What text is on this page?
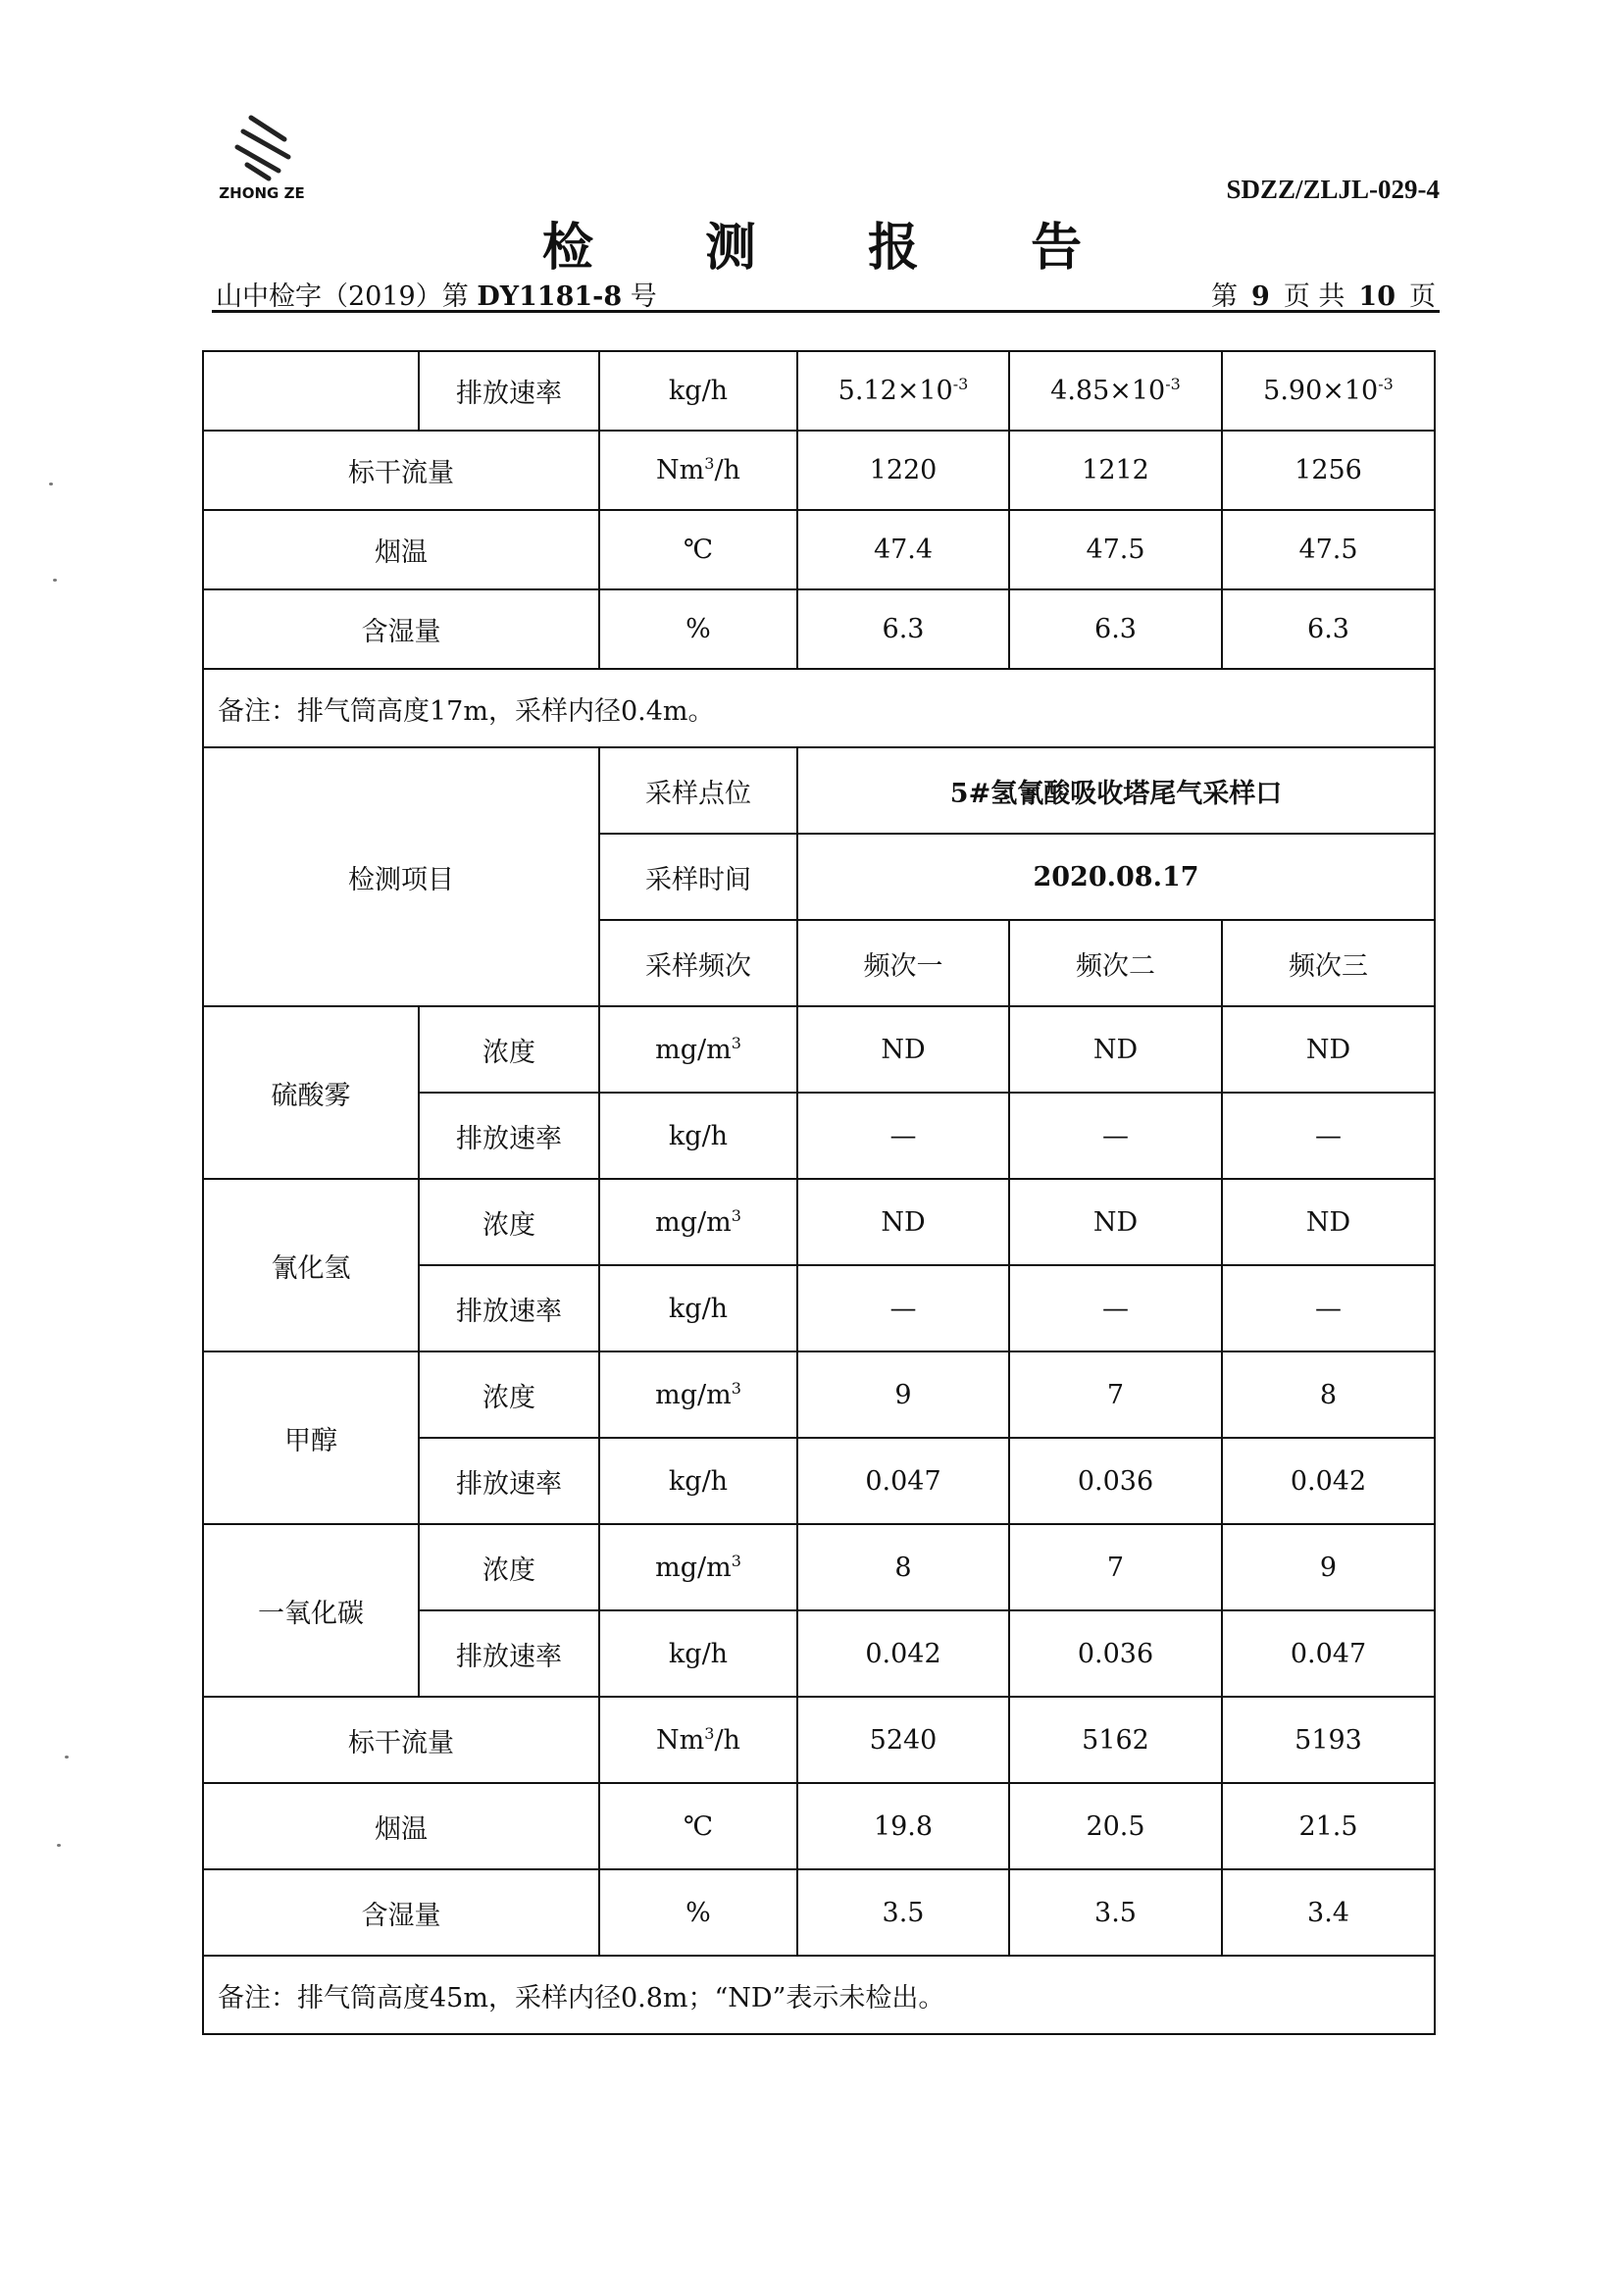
ZHONG ZE	SDZZ/ZLJL-029-4
检 测 报 告
山中检字（2019）第 DY1181-8 号	第 9 页 共 10 页
	排放速率	kg/h	$5.12\times 10^{-3}$	$4.85\times 10^{-3}$	$5.90\times 10^{-3}$
标干流量		Nm$^3$/h	1220	1212	1256
烟温		℃	47.4	47.5	47.5
含湿量		%	6.3	6.3	6.3
备注：排气筒高度17m，采样内径0.4m。					
检测项目		采样点位	5#氢氰酸吸收塔尾气采样口		
		采样时间	2020.08.17		
		采样频次	频次一	频次二	频次三
硫酸雾	浓度	$mg/m^3$	ND	ND	ND
	排放速率	kg/h	—	—	—
氰化氢	浓度	$mg/m^3$	ND	ND	ND
	排放速率	kg/h	—	—	—
甲醇	浓度	$mg/m^3$	9	7	8
	排放速率	kg/h	0.047	0.036	0.042
一氧化碳	浓度	$mg/m^3$	8	7	9
	排放速率	kg/h	0.042	0.036	0.047
标干流量		Nm$^3$/h	5240	5162	5193
烟温		℃	19.8	20.5	21.5
含湿量		%	3.5	3.5	3.4
备注：排气筒高度45m，采样内径0.8m；“ND”表示未检出。					
